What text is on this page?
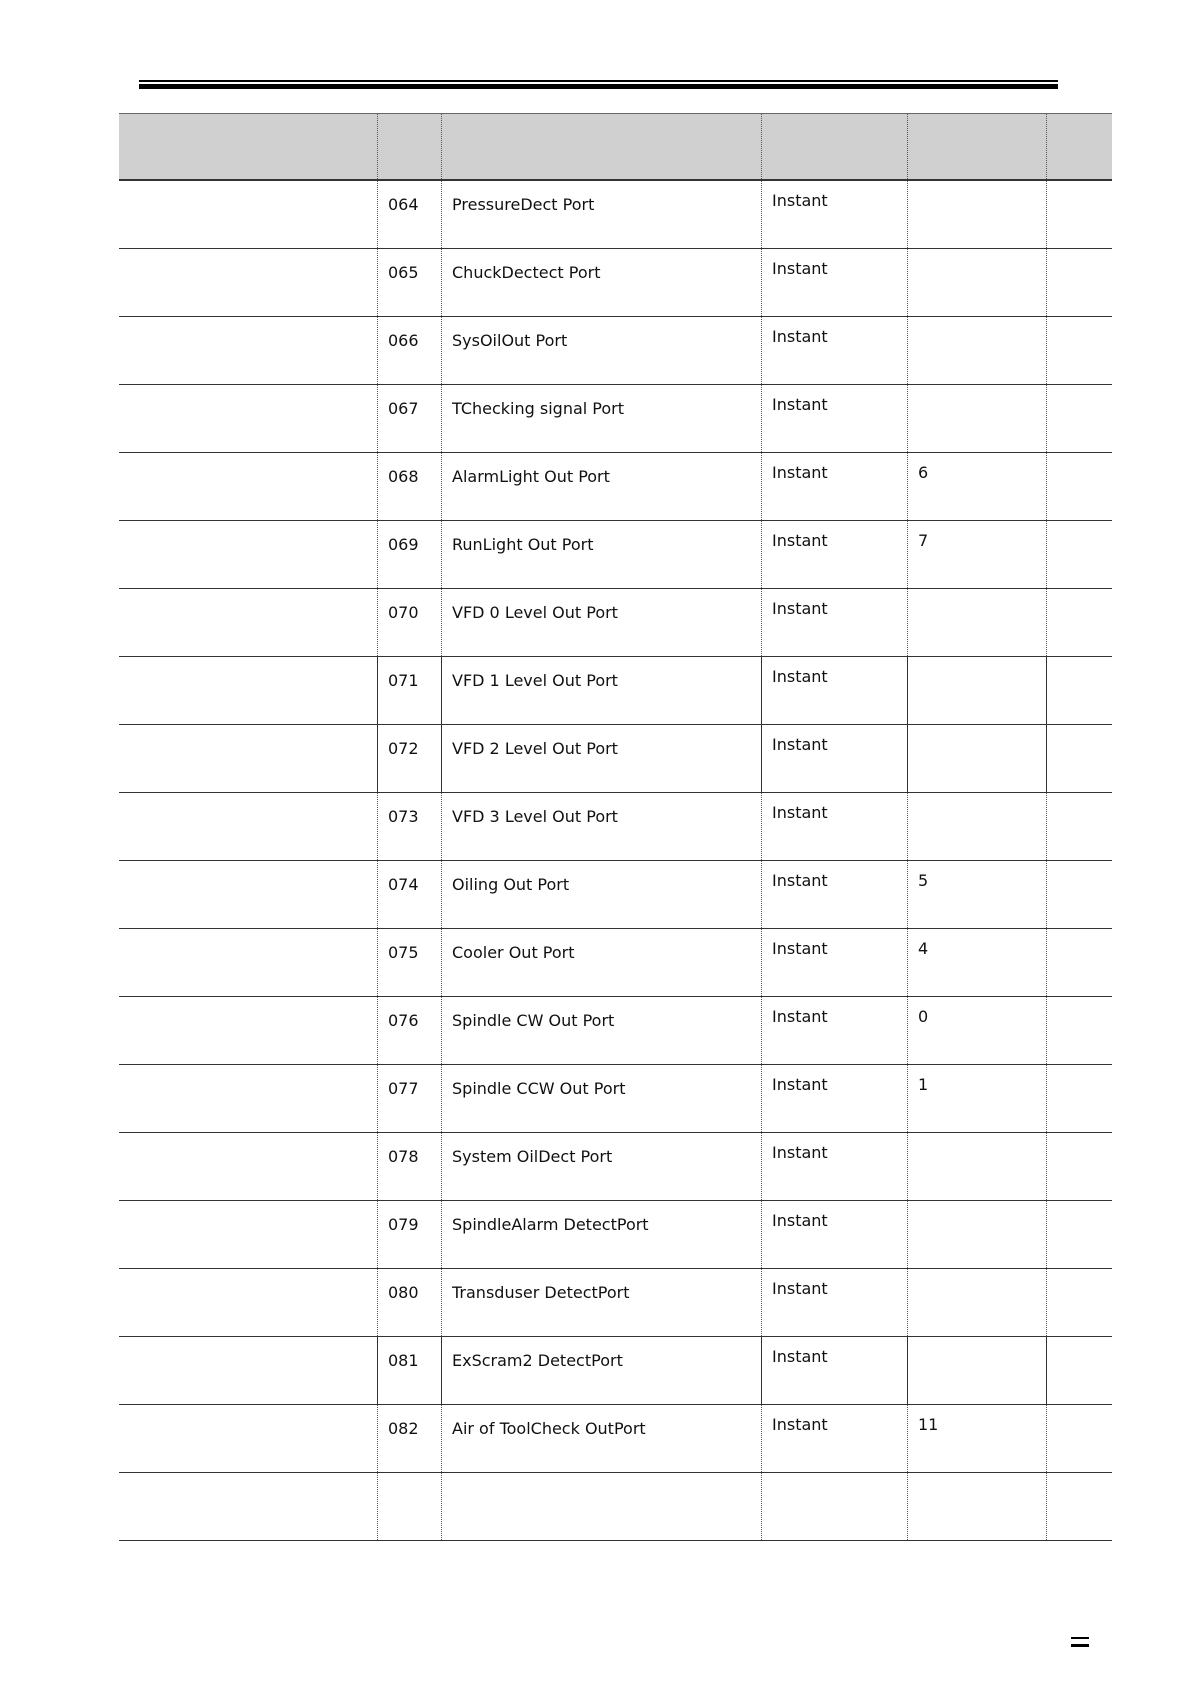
064	PressureDect Port	Instant
065	ChuckDectect Port	Instant
066	SysOilOut Port	Instant
067	TChecking signal Port	Instant
068	AlarmLight Out Port	Instant	6
069	RunLight Out Port	Instant	7
070	VFD 0 Level Out Port	Instant
071	VFD 1 Level Out Port	Instant
072	VFD 2 Level Out Port	Instant
073	VFD 3 Level Out Port	Instant
074	Oiling Out Port	Instant	5
075	Cooler Out Port	Instant	4
076	Spindle CW Out Port	Instant	0
077	Spindle CCW Out Port	Instant	1
078	System OilDect Port	Instant
079	SpindleAlarm DetectPort	Instant
080	Transduser DetectPort	Instant
081	ExScram2 DetectPort	Instant
082	Air of ToolCheck OutPort	Instant	11
